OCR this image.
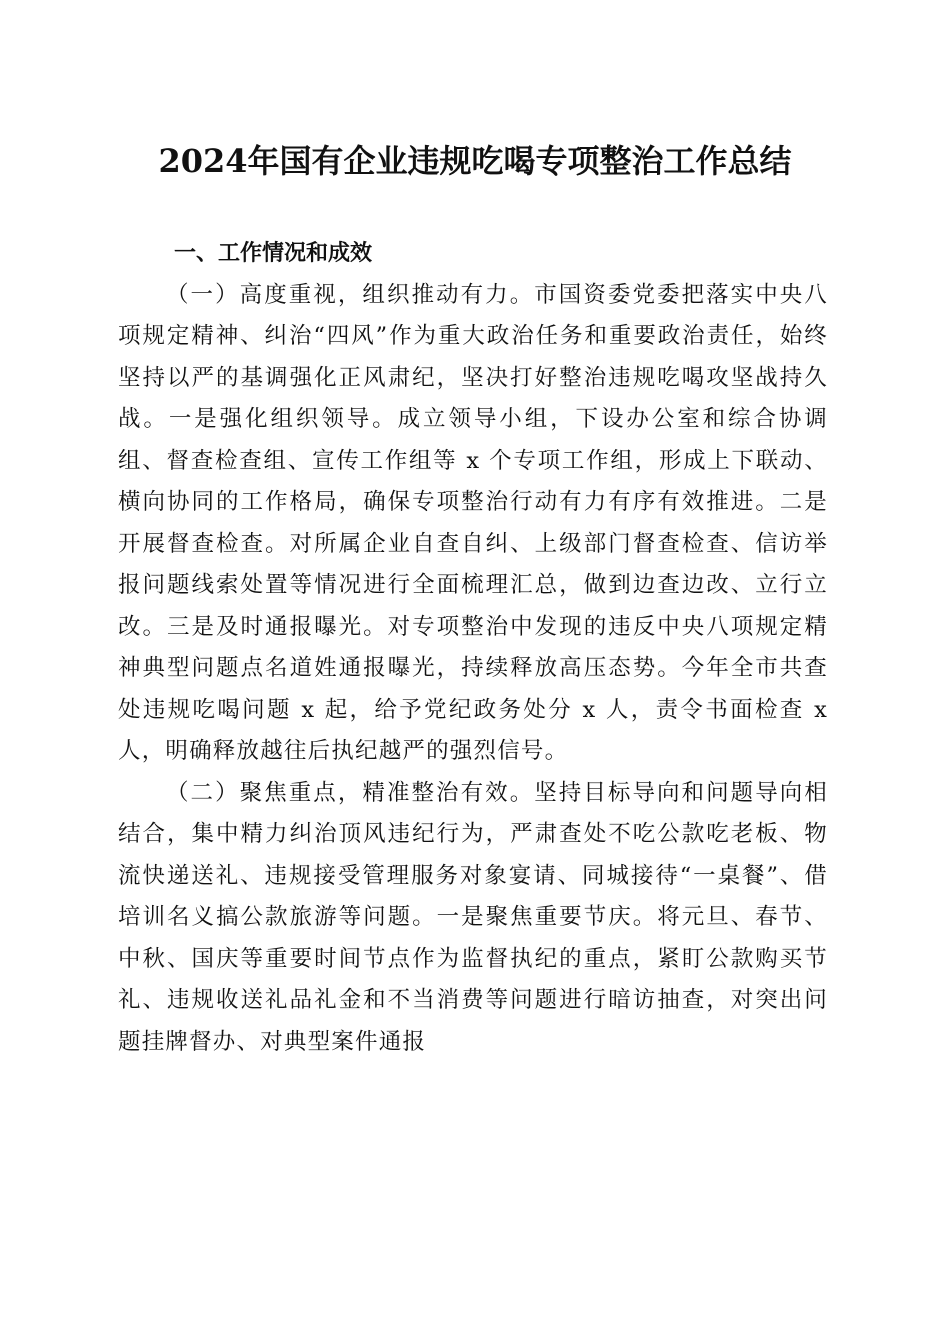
2024年国有企业违规吃喝专项整治工作总结

一、工作情况和成效

（一）高度重视，组织推动有力。市国资委党委把落实中央八项规定精神、纠治“四风”作为重大政治任务和重要政治责任，始终坚持以严的基调强化正风肃纪，坚决打好整治违规吃喝攻坚战持久战。一是强化组织领导。成立领导小组，下设办公室和综合协调组、督查检查组、宣传工作组等 x 个专项工作组，形成上下联动、横向协同的工作格局，确保专项整治行动有力有序有效推进。二是开展督查检查。对所属企业自查自纠、上级部门督查检查、信访举报问题线索处置等情况进行全面梳理汇总，做到边查边改、立行立改。三是及时通报曝光。对专项整治中发现的违反中央八项规定精神典型问题点名道姓通报曝光，持续释放高压态势。今年全市共查处违规吃喝问题 x 起，给予党纪政务处分 x 人，责令书面检查 x 人，明确释放越往后执纪越严的强烈信号。

（二）聚焦重点，精准整治有效。坚持目标导向和问题导向相结合，集中精力纠治顶风违纪行为，严肃查处不吃公款吃老板、物流快递送礼、违规接受管理服务对象宴请、同城接待“一桌餐”、借培训名义搞公款旅游等问题。一是聚焦重要节庆。将元旦、春节、中秋、国庆等重要时间节点作为监督执纪的重点，紧盯公款购买节礼、违规收送礼品礼金和不当消费等问题进行暗访抽查，对突出问题挂牌督办、对典型案件通报
